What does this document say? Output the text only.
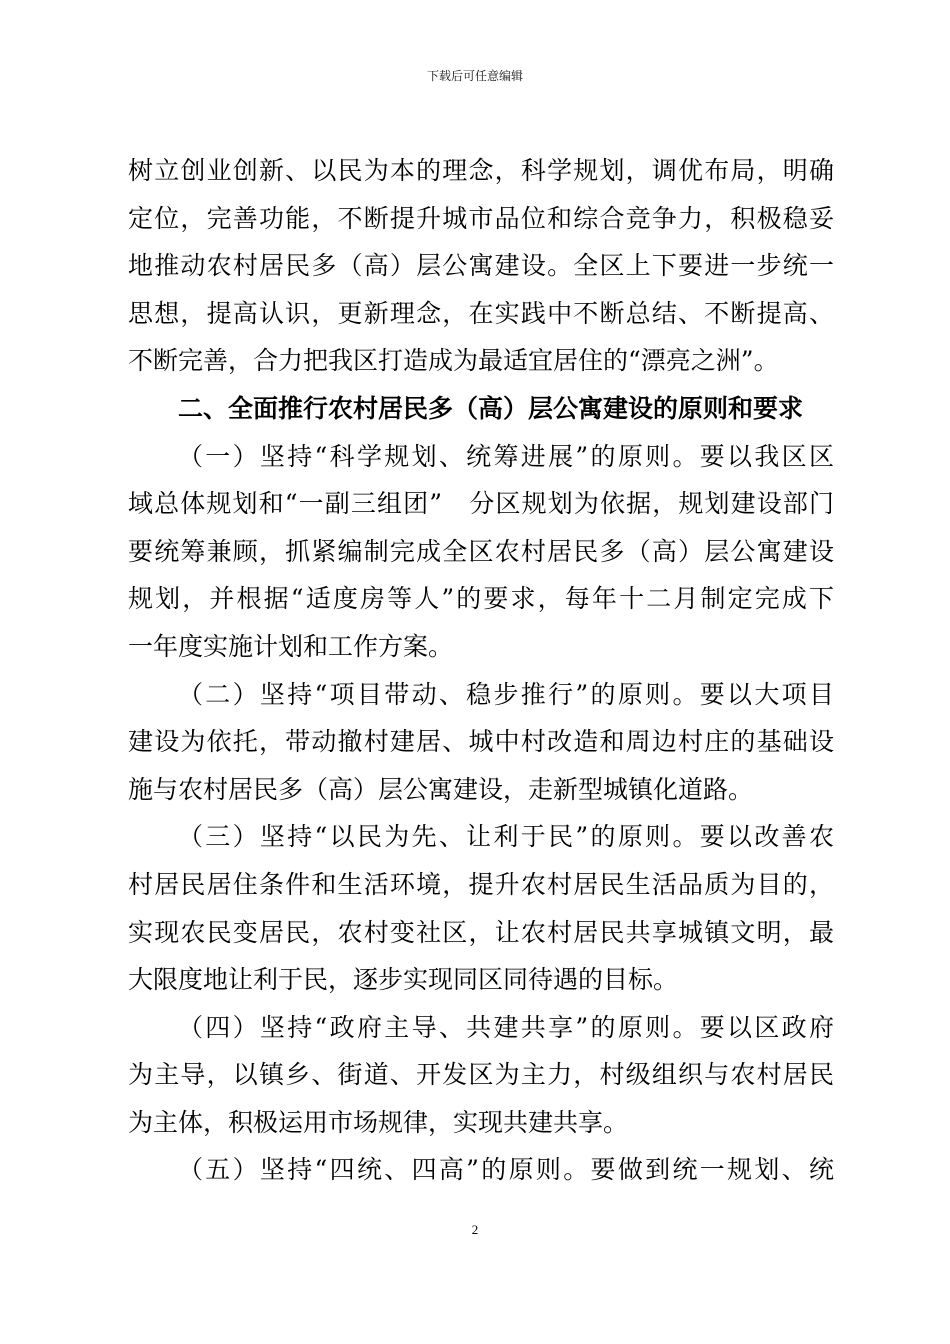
下载后可任意编辑
树立创业创新、以民为本的理念，科学规划，调优布局，明确
定位，完善功能，不断提升城市品位和综合竞争力，积极稳妥
地推动农村居民多（高）层公寓建设。全区上下要进一步统一
思想，提高认识，更新理念，在实践中不断总结、不断提高、
不断完善，合力把我区打造成为最适宜居住的“漂亮之洲”。
二、全面推行农村居民多（高）层公寓建设的原则和要求
（一）坚持“科学规划、统筹进展”的原则。要以我区区
域总体规划和“一副三组团”　分区规划为依据，规划建设部门
要统筹兼顾，抓紧编制完成全区农村居民多（高）层公寓建设
规划，并根据“适度房等人”的要求，每年十二月制定完成下
一年度实施计划和工作方案。
（二）坚持“项目带动、稳步推行”的原则。要以大项目
建设为依托，带动撤村建居、城中村改造和周边村庄的基础设
施与农村居民多（高）层公寓建设，走新型城镇化道路。
（三）坚持“以民为先、让利于民”的原则。要以改善农
村居民居住条件和生活环境，提升农村居民生活品质为目的，
实现农民变居民，农村变社区，让农村居民共享城镇文明，最
大限度地让利于民，逐步实现同区同待遇的目标。
（四）坚持“政府主导、共建共享”的原则。要以区政府
为主导，以镇乡、街道、开发区为主力，村级组织与农村居民
为主体，积极运用市场规律，实现共建共享。
（五）坚持“四统、四高”的原则。要做到统一规划、统
2
